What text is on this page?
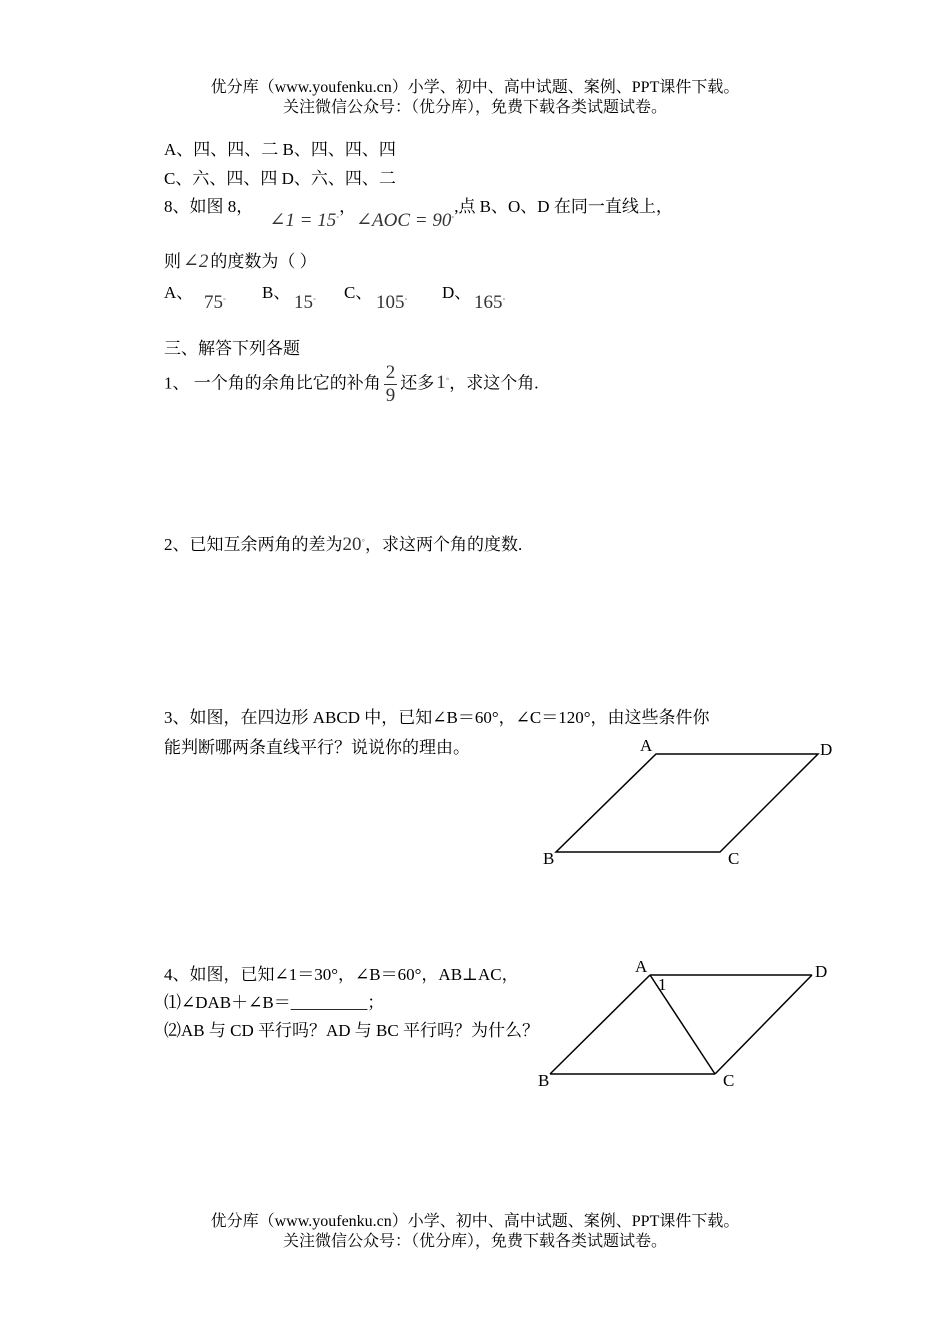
优分库（www.youfenku.cn）小学、初中、高中试题、案例、PPT课件下载。
关注微信公众号：（优分库），免费下载各类试题试卷。
A、四、四、二 B、四、四、四
C、六、四、四 D、六、四、二
8、如图 8， ∠1 = 15◦，∠AOC = 90◦,点 B、O、D 在同一直线上，
则 ∠2 的度数为（ ）
A、 75◦ B、 15◦ C、 105◦ D、 165◦
三、解答下列各题
1、 一个角的余角比它的补角 $\frac{2}{9}$ 还多 1◦，求这个角.
2、已知互余两角的差为20◦，求这两个角的度数.
3、如图，在四边形 ABCD 中，已知∠B＝60°，∠C＝120°，由这些条件你
能判断哪两条直线平行？说说你的理由。	A	D
B	C
4、如图，已知∠1＝30°，∠B＝60°，AB⊥AC，
⑴∠DAB＋∠B＝_________；
⑵AB 与 CD 平行吗？AD 与 BC 平行吗？为什么？
A	D
B	C
1
优分库（www.youfenku.cn）小学、初中、高中试题、案例、PPT课件下载。
关注微信公众号：（优分库），免费下载各类试题试卷。
